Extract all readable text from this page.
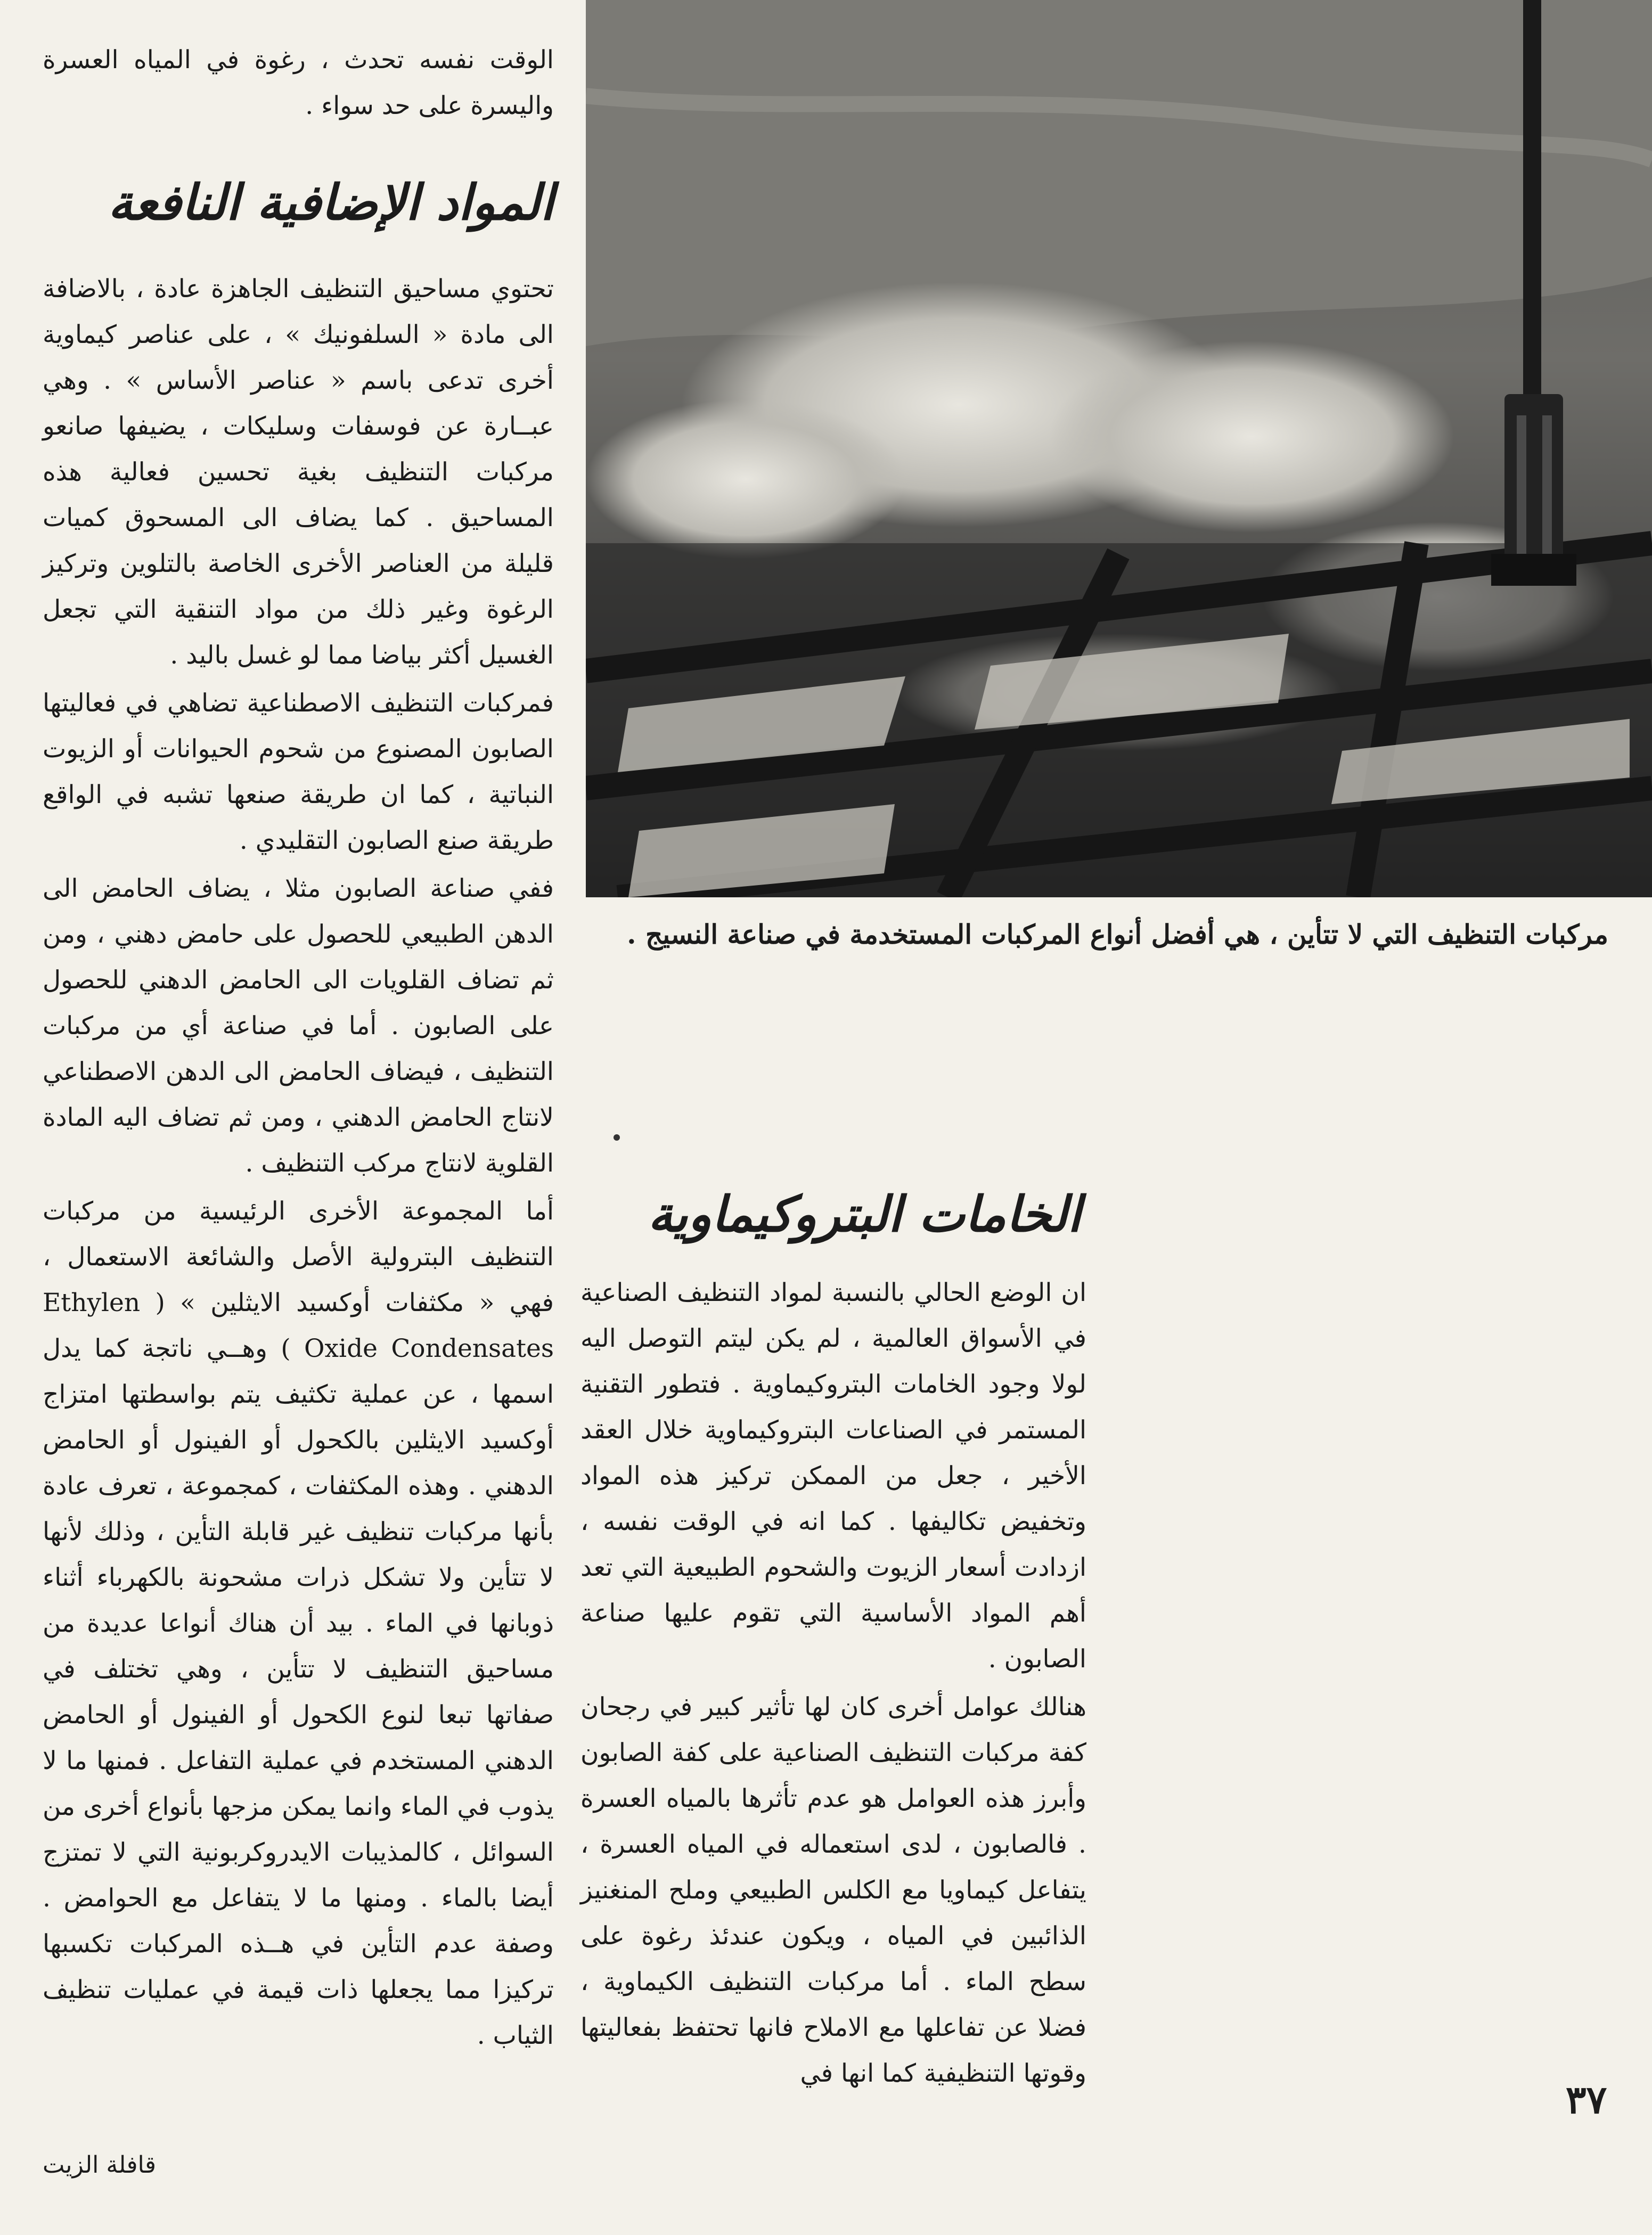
مركبات التنظيف التي لا تتأين ، هي أفضل أنواع المركبات المستخدمة في صناعة النسيج .

الوقت نفسه تحدث ، رغوة في المياه العسرة واليسرة على حد سواء .

المواد الإضافية النافعة

تحتوي مساحيق التنظيف الجاهزة عادة ، بالاضافة الى مادة « السلفونيك » ، على عناصر كيماوية أخرى تدعى باسم « عناصر الأساس » . وهي عبــارة عن فوسفات وسليكات ، يضيفها صانعو مركبات التنظيف بغية تحسين فعالية هذه المساحيق . كما يضاف الى المسحوق كميات قليلة من العناصر الأخرى الخاصة بالتلوين وتركيز الرغوة وغير ذلك من مواد التنقية التي تجعل الغسيل أكثر بياضا مما لو غسل باليد .

فمركبات التنظيف الاصطناعية تضاهي في فعاليتها الصابون المصنوع من شحوم الحيوانات أو الزيوت النباتية ، كما ان طريقة صنعها تشبه في الواقع طريقة صنع الصابون التقليدي .

ففي صناعة الصابون مثلا ، يضاف الحامض الى الدهن الطبيعي للحصول على حامض دهني ، ومن ثم تضاف القلويات الى الحامض الدهني للحصول على الصابون . أما في صناعة أي من مركبات التنظيف ، فيضاف الحامض الى الدهن الاصطناعي لانتاج الحامض الدهني ، ومن ثم تضاف اليه المادة القلوية لانتاج مركب التنظيف .

أما المجموعة الأخرى الرئيسية من مركبات التنظيف البترولية الأصل والشائعة الاستعمال ، فهي « مكثفات أوكسيد الايثلين » ( Ethylen Oxide Condensates ) وهــي ناتجة كما يدل اسمها ، عن عملية تكثيف يتم بواسطتها امتزاج أوكسيد الايثلين بالكحول أو الفينول أو الحامض الدهني . وهذه المكثفات ، كمجموعة ، تعرف عادة بأنها مركبات تنظيف غير قابلة التأين ، وذلك لأنها لا تتأين ولا تشكل ذرات مشحونة بالكهرباء أثناء ذوبانها في الماء . بيد أن هناك أنواعا عديدة من مساحيق التنظيف لا تتأين ، وهي تختلف في صفاتها تبعا لنوع الكحول أو الفينول أو الحامض الدهني المستخدم في عملية التفاعل . فمنها ما لا يذوب في الماء وانما يمكن مزجها بأنواع أخرى من السوائل ، كالمذيبات الايدروكربونية التي لا تمتزج أيضا بالماء . ومنها ما لا يتفاعل مع الحوامض . وصفة عدم التأين في هــذه المركبات تكسبها تركيزا مما يجعلها ذات قيمة في عمليات تنظيف الثياب .

الخامات البتروكيماوية

ان الوضع الحالي بالنسبة لمواد التنظيف الصناعية في الأسواق العالمية ، لم يكن ليتم التوصل اليه لولا وجود الخامات البتروكيماوية . فتطور التقنية المستمر في الصناعات البتروكيماوية خلال العقد الأخير ، جعل من الممكن تركيز هذه المواد وتخفيض تكاليفها . كما انه في الوقت نفسه ، ازدادت أسعار الزيوت والشحوم الطبيعية التي تعد أهم المواد الأساسية التي تقوم عليها صناعة الصابون .

هنالك عوامل أخرى كان لها تأثير كبير في رجحان كفة مركبات التنظيف الصناعية على كفة الصابون وأبرز هذه العوامل هو عدم تأثرها بالمياه العسرة . فالصابون ، لدى استعماله في المياه العسرة ، يتفاعل كيماويا مع الكلس الطبيعي وملح المنغنيز الذائبين في المياه ، ويكون عندئذ رغوة على سطح الماء . أما مركبات التنظيف الكيماوية ، فضلا عن تفاعلها مع الاملاح فانها تحتفظ بفعاليتها وقوتها التنظيفية كما انها في

٣٧
قافلة الزيت
